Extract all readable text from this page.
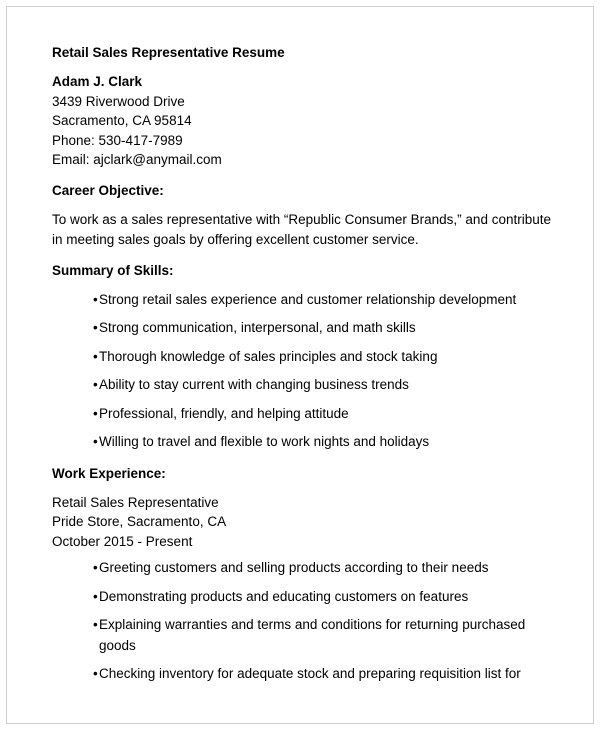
Retail Sales Representative Resume

Adam J. Clark

3439 Riverwood Drive

Sacramento, CA 95814

Phone: 530-417-7989

Email: ajclark@anymail.com

Career Objective:

To work as a sales representative with “Republic Consumer Brands,” and contribute in meeting sales goals by offering excellent customer service.

Summary of Skills:
• Strong retail sales experience and customer relationship development
• Strong communication, interpersonal, and math skills
• Thorough knowledge of sales principles and stock taking
• Ability to stay current with changing business trends
• Professional, friendly, and helping attitude
• Willing to travel and flexible to work nights and holidays
Work Experience:

Retail Sales Representative

Pride Store, Sacramento, CA

October 2015 - Present

• Greeting customers and selling products according to their needs
• Demonstrating products and educating customers on features
• Explaining warranties and terms and conditions for returning purchased goods
• Checking inventory for adequate stock and preparing requisition list for
